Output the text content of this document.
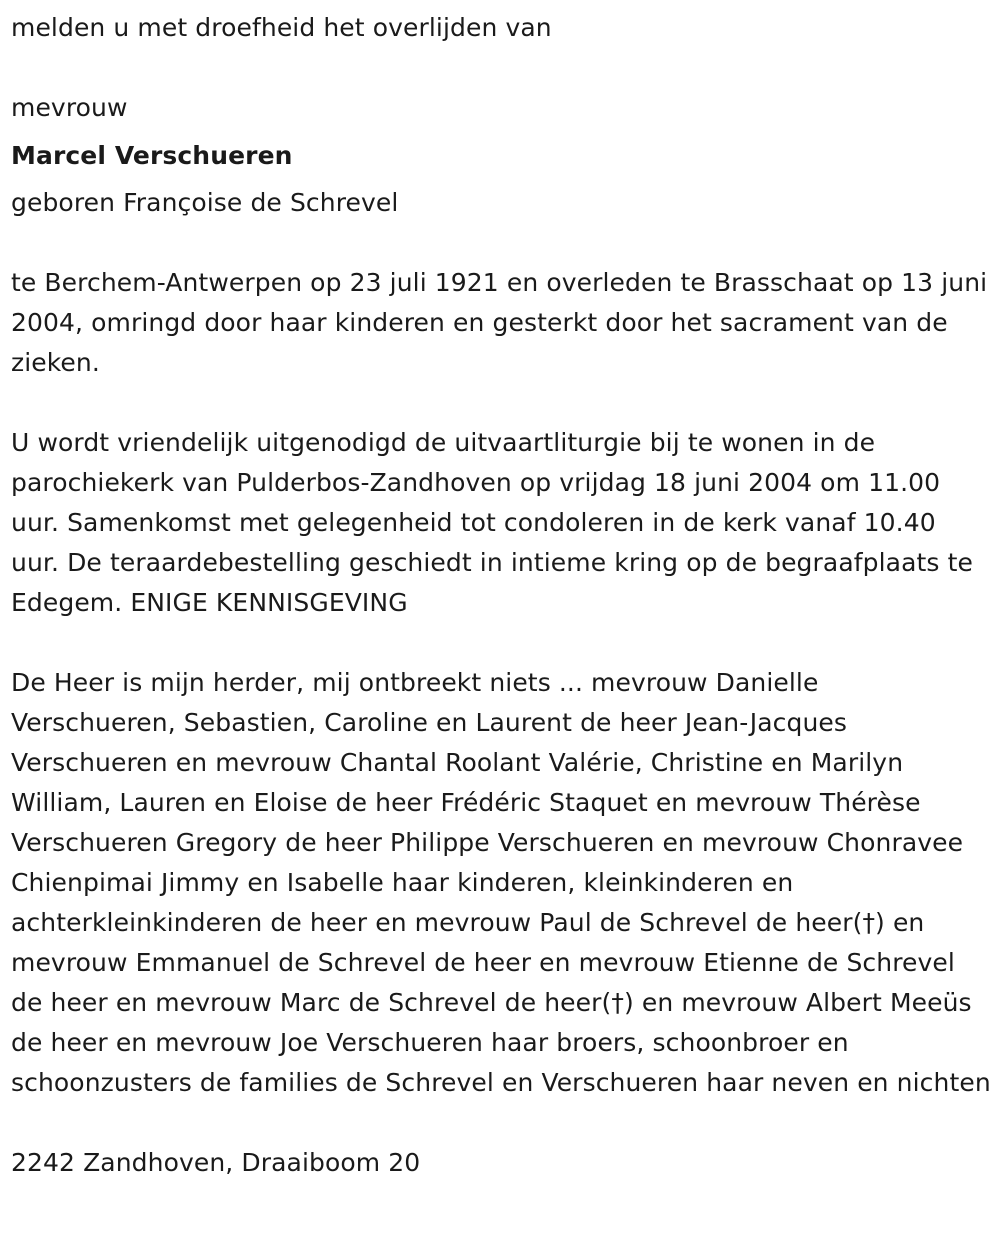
melden u met droefheid het overlijden van

mevrouw

Marcel Verschueren

geboren Françoise de Schrevel

te Berchem-Antwerpen op 23 juli 1921 en overleden te Brasschaat op 13 juni 2004, omringd door haar kinderen en gesterkt door het sacrament van de zieken.

U wordt vriendelijk uitgenodigd de uitvaartliturgie bij te wonen in de parochiekerk van Pulderbos-Zandhoven op vrijdag 18 juni 2004 om 11.00 uur. Samenkomst met gelegenheid tot condoleren in de kerk vanaf 10.40 uur. De teraardebestelling geschiedt in intieme kring op de begraafplaats te Edegem. ENIGE KENNISGEVING

De Heer is mijn herder, mij ontbreekt niets ... mevrouw Danielle Verschueren, Sebastien, Caroline en Laurent de heer Jean-Jacques Verschueren en mevrouw Chantal Roolant Valérie, Christine en Marilyn William, Lauren en Eloise de heer Frédéric Staquet en mevrouw Thérèse Verschueren Gregory de heer Philippe Verschueren en mevrouw Chonravee Chienpimai Jimmy en Isabelle haar kinderen, kleinkinderen en achterkleinkinderen de heer en mevrouw Paul de Schrevel de heer(†) en mevrouw Emmanuel de Schrevel de heer en mevrouw Etienne de Schrevel de heer en mevrouw Marc de Schrevel de heer(†) en mevrouw Albert Meeüs de heer en mevrouw Joe Verschueren haar broers, schoonbroer en schoonzusters de families de Schrevel en Verschueren haar neven en nichten

2242 Zandhoven, Draaiboom 20
